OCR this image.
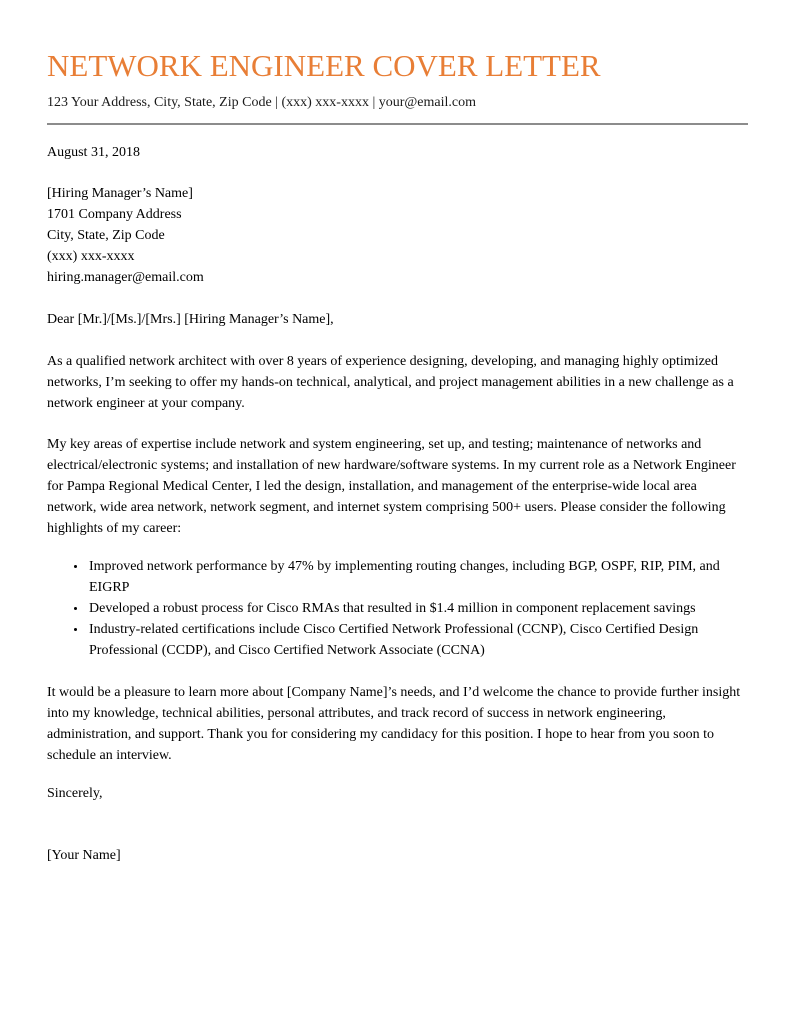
NETWORK ENGINEER COVER LETTER
123 Your Address, City, State, Zip Code | (xxx) xxx-xxxx | your@email.com

August 31, 2018

[Hiring Manager’s Name]
1701 Company Address
City, State, Zip Code
(xxx) xxx-xxxx
hiring.manager@email.com

Dear [Mr.]/[Ms.]/[Mrs.] [Hiring Manager’s Name],

As a qualified network architect with over 8 years of experience designing, developing, and managing highly optimized networks, I’m seeking to offer my hands-on technical, analytical, and project management abilities in a new challenge as a network engineer at your company.

My key areas of expertise include network and system engineering, set up, and testing; maintenance of networks and electrical/electronic systems; and installation of new hardware/software systems. In my current role as a Network Engineer for Pampa Regional Medical Center, I led the design, installation, and management of the enterprise-wide local area network, wide area network, network segment, and internet system comprising 500+ users. Please consider the following highlights of my career:

• Improved network performance by 47% by implementing routing changes, including BGP, OSPF, RIP, PIM, and EIGRP
• Developed a robust process for Cisco RMAs that resulted in $1.4 million in component replacement savings
• Industry-related certifications include Cisco Certified Network Professional (CCNP), Cisco Certified Design Professional (CCDP), and Cisco Certified Network Associate (CCNA)

It would be a pleasure to learn more about [Company Name]’s needs, and I’d welcome the chance to provide further insight into my knowledge, technical abilities, personal attributes, and track record of success in network engineering, administration, and support. Thank you for considering my candidacy for this position. I hope to hear from you soon to schedule an interview.

Sincerely,

[Your Name]
